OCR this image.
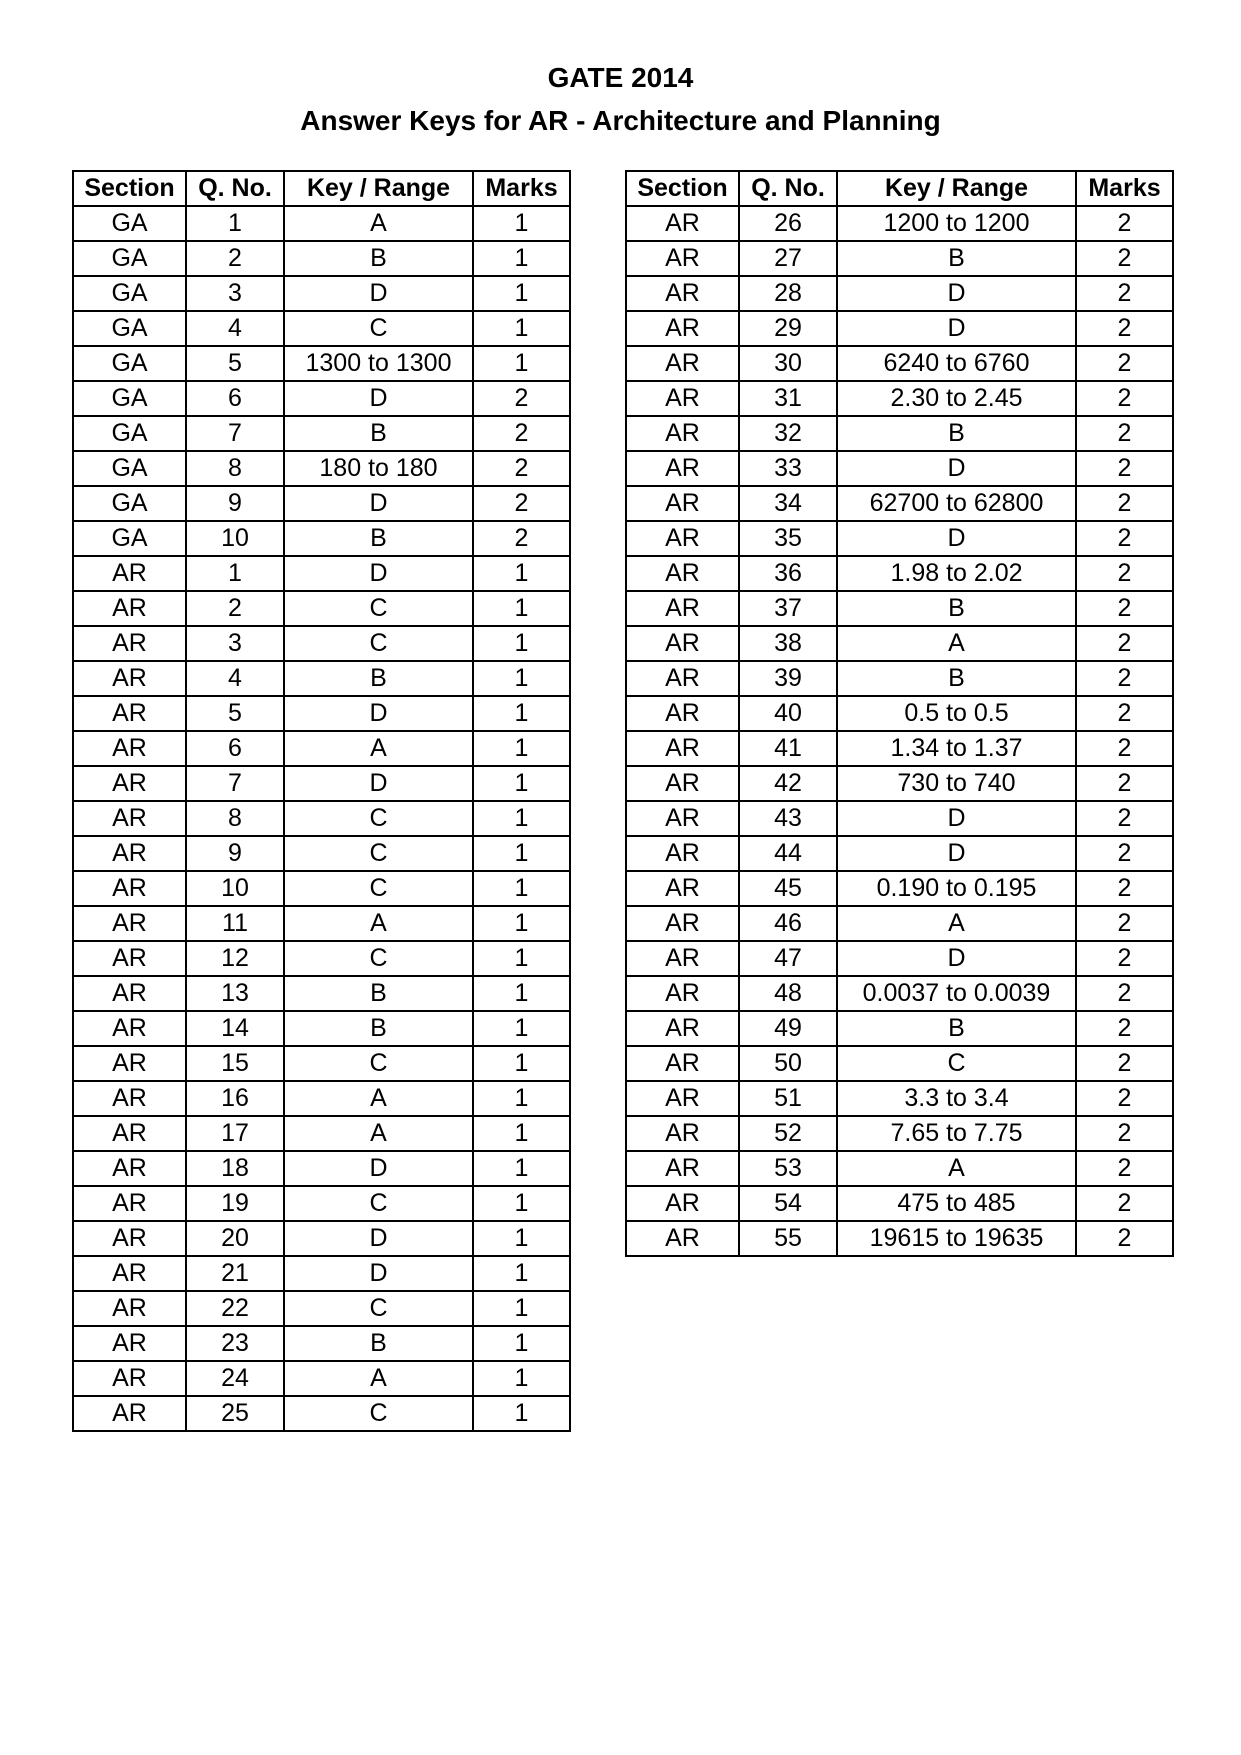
GATE 2014
Answer Keys for AR - Architecture and Planning
Section	Q. No.	Key / Range	Marks
GA	1	A	1
GA	2	B	1
GA	3	D	1
GA	4	C	1
GA	5	1300 to 1300	1
GA	6	D	2
GA	7	B	2
GA	8	180 to 180	2
GA	9	D	2
GA	10	B	2
AR	1	D	1
AR	2	C	1
AR	3	C	1
AR	4	B	1
AR	5	D	1
AR	6	A	1
AR	7	D	1
AR	8	C	1
AR	9	C	1
AR	10	C	1
AR	11	A	1
AR	12	C	1
AR	13	B	1
AR	14	B	1
AR	15	C	1
AR	16	A	1
AR	17	A	1
AR	18	D	1
AR	19	C	1
AR	20	D	1
AR	21	D	1
AR	22	C	1
AR	23	B	1
AR	24	A	1
AR	25	C	1
Section	Q. No.	Key / Range	Marks
AR	26	1200 to 1200	2
AR	27	B	2
AR	28	D	2
AR	29	D	2
AR	30	6240 to 6760	2
AR	31	2.30 to 2.45	2
AR	32	B	2
AR	33	D	2
AR	34	62700 to 62800	2
AR	35	D	2
AR	36	1.98 to 2.02	2
AR	37	B	2
AR	38	A	2
AR	39	B	2
AR	40	0.5 to 0.5	2
AR	41	1.34 to 1.37	2
AR	42	730 to 740	2
AR	43	D	2
AR	44	D	2
AR	45	0.190 to 0.195	2
AR	46	A	2
AR	47	D	2
AR	48	0.0037 to 0.0039	2
AR	49	B	2
AR	50	C	2
AR	51	3.3 to 3.4	2
AR	52	7.65 to 7.75	2
AR	53	A	2
AR	54	475 to 485	2
AR	55	19615 to 19635	2
